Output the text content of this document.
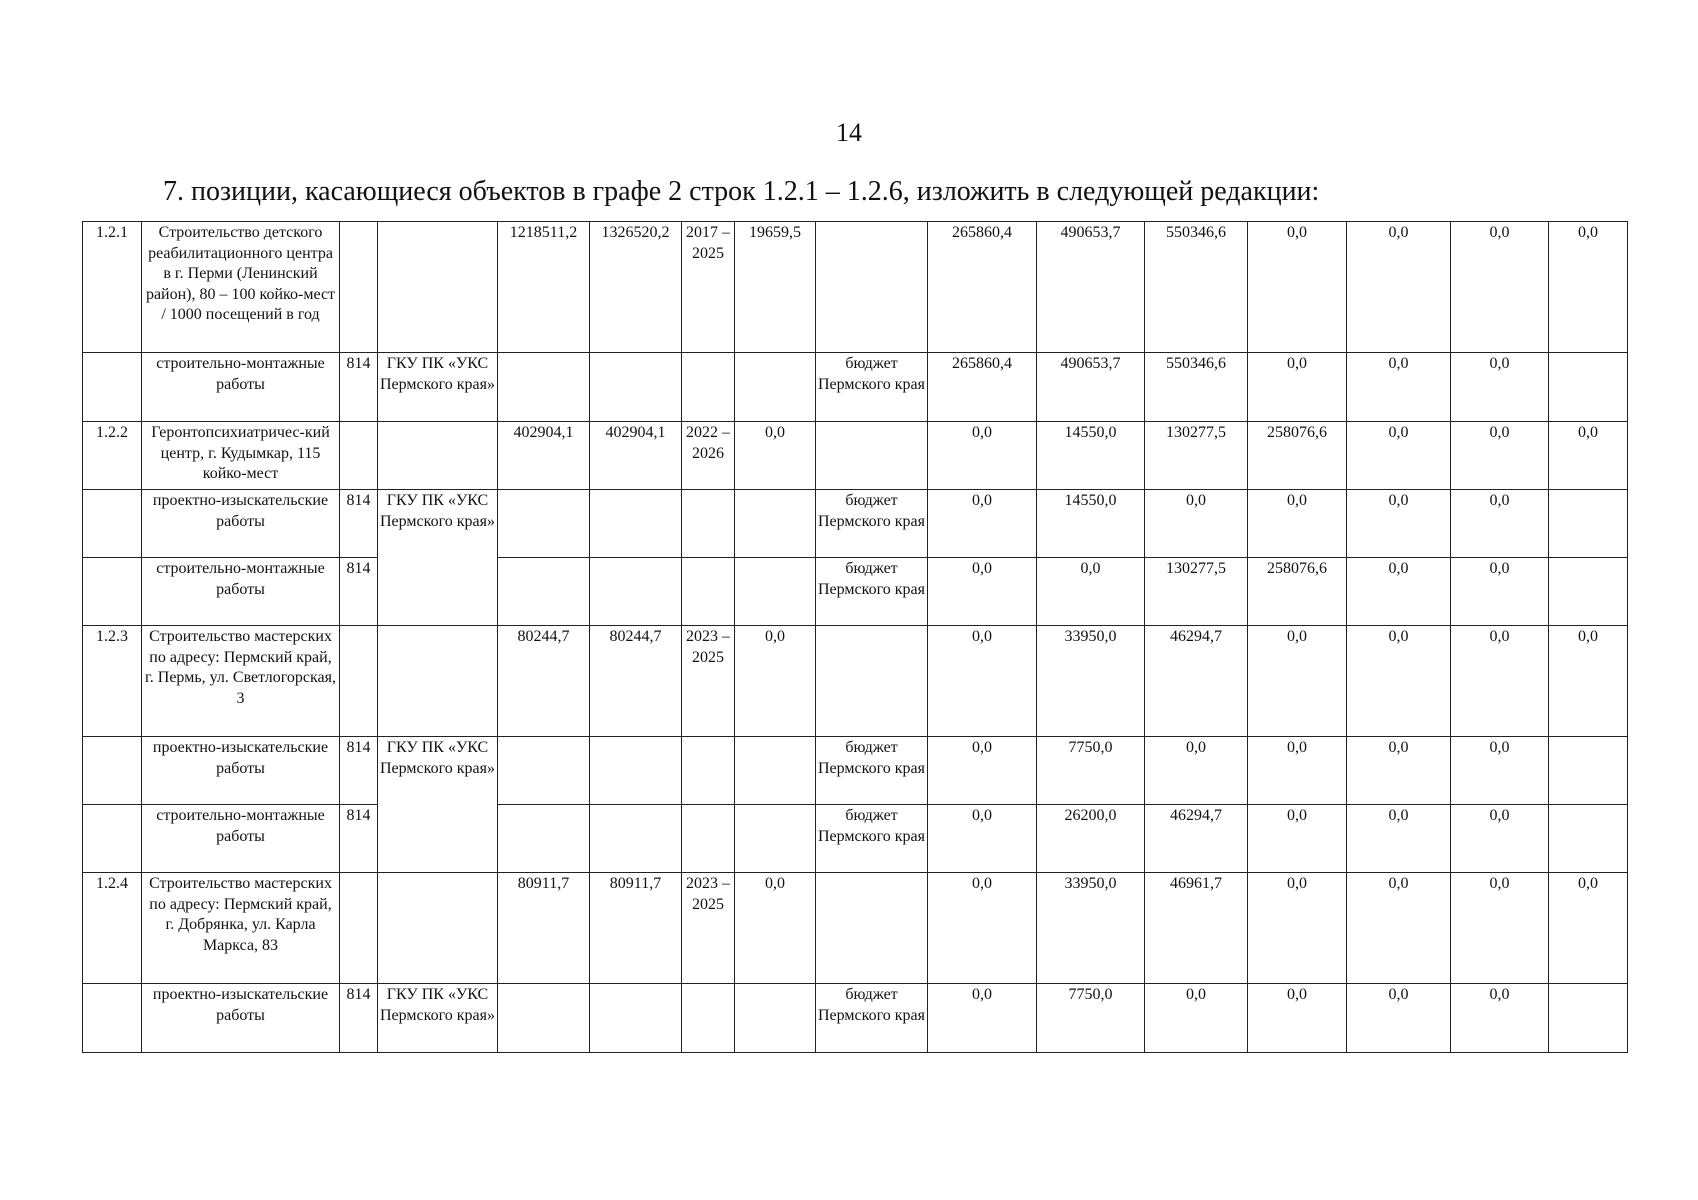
14
7. позиции, касающиеся объектов в графе 2 строк 1.2.1 – 1.2.6, изложить в следующей редакции:
1.2.1	Строительство детского реабилитационного центра в г. Перми (Ленинский район), 80 – 100 койко-мест / 1000 посещений в год			1218511,2	1326520,2	2017 – 2025	19659,5		265860,4	490653,7	550346,6	0,0	0,0	0,0	0,0
	строительно-монтажные работы	814	ГКУ ПК «УКС Пермского края»					бюджет Пермского края	265860,4	490653,7	550346,6	0,0	0,0	0,0	
1.2.2	Геронтопсихиатричес-кий центр, г. Кудымкар, 115 койко-мест			402904,1	402904,1	2022 – 2026	0,0		0,0	14550,0	130277,5	258076,6	0,0	0,0	0,0
	проектно-изыскательские работы	814	ГКУ ПК «УКС Пермского края»					бюджет Пермского края	0,0	14550,0	0,0	0,0	0,0	0,0	
	строительно-монтажные работы	814						бюджет Пермского края	0,0	0,0	130277,5	258076,6	0,0	0,0	
1.2.3	Строительство мастерских по адресу: Пермский край, г. Пермь, ул. Светлогорская, 3			80244,7	80244,7	2023 – 2025	0,0		0,0	33950,0	46294,7	0,0	0,0	0,0	0,0
	проектно-изыскательские работы	814	ГКУ ПК «УКС Пермского края»					бюджет Пермского края	0,0	7750,0	0,0	0,0	0,0	0,0	
	строительно-монтажные работы	814						бюджет Пермского края	0,0	26200,0	46294,7	0,0	0,0	0,0	
1.2.4	Строительство мастерских по адресу: Пермский край, г. Добрянка, ул. Карла Маркса, 83			80911,7	80911,7	2023 – 2025	0,0		0,0	33950,0	46961,7	0,0	0,0	0,0	0,0
	проектно-изыскательские работы	814	ГКУ ПК «УКС Пермского края»					бюджет Пермского края	0,0	7750,0	0,0	0,0	0,0	0,0	
